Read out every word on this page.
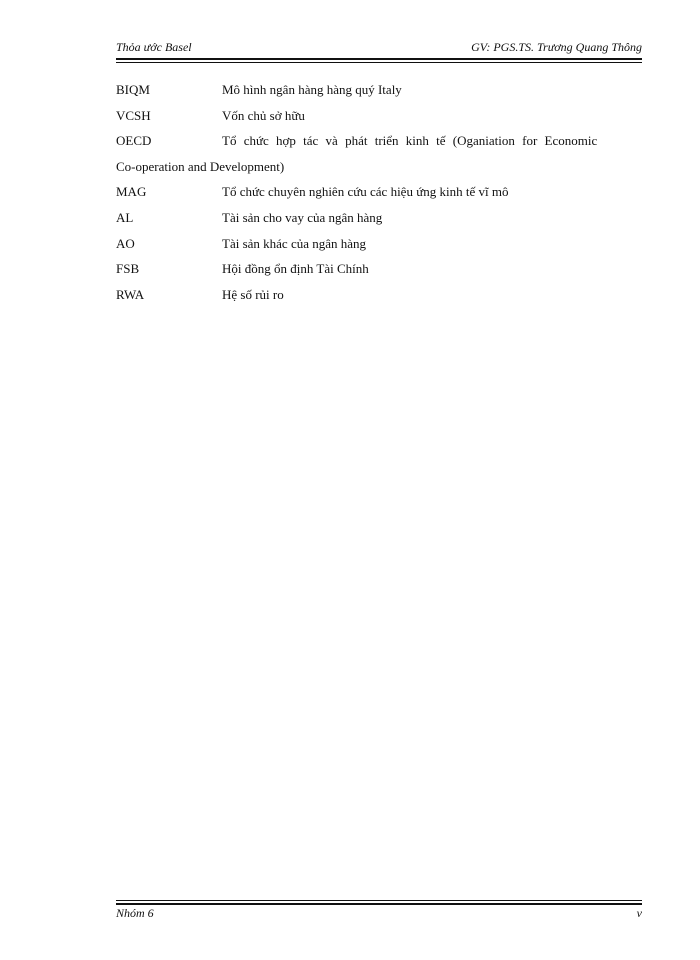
Thỏa ước Basel	GV: PGS.TS. Trương Quang Thông
BIQM	Mô hình ngân hàng hàng quý Italy
VCSH	Vốn chủ sở hữu
OECD	Tổ chức hợp tác và phát triển kinh tế (Oganiation for Economic
Co-operation and Development)
MAG	Tổ chức chuyên nghiên cứu các hiệu ứng kinh tế vĩ mô
AL	Tài sản cho vay của ngân hàng
AO	Tài sản khác của ngân hàng
FSB	Hội đồng ổn định Tài Chính
RWA	Hệ số rủi ro
Nhóm 6	v
